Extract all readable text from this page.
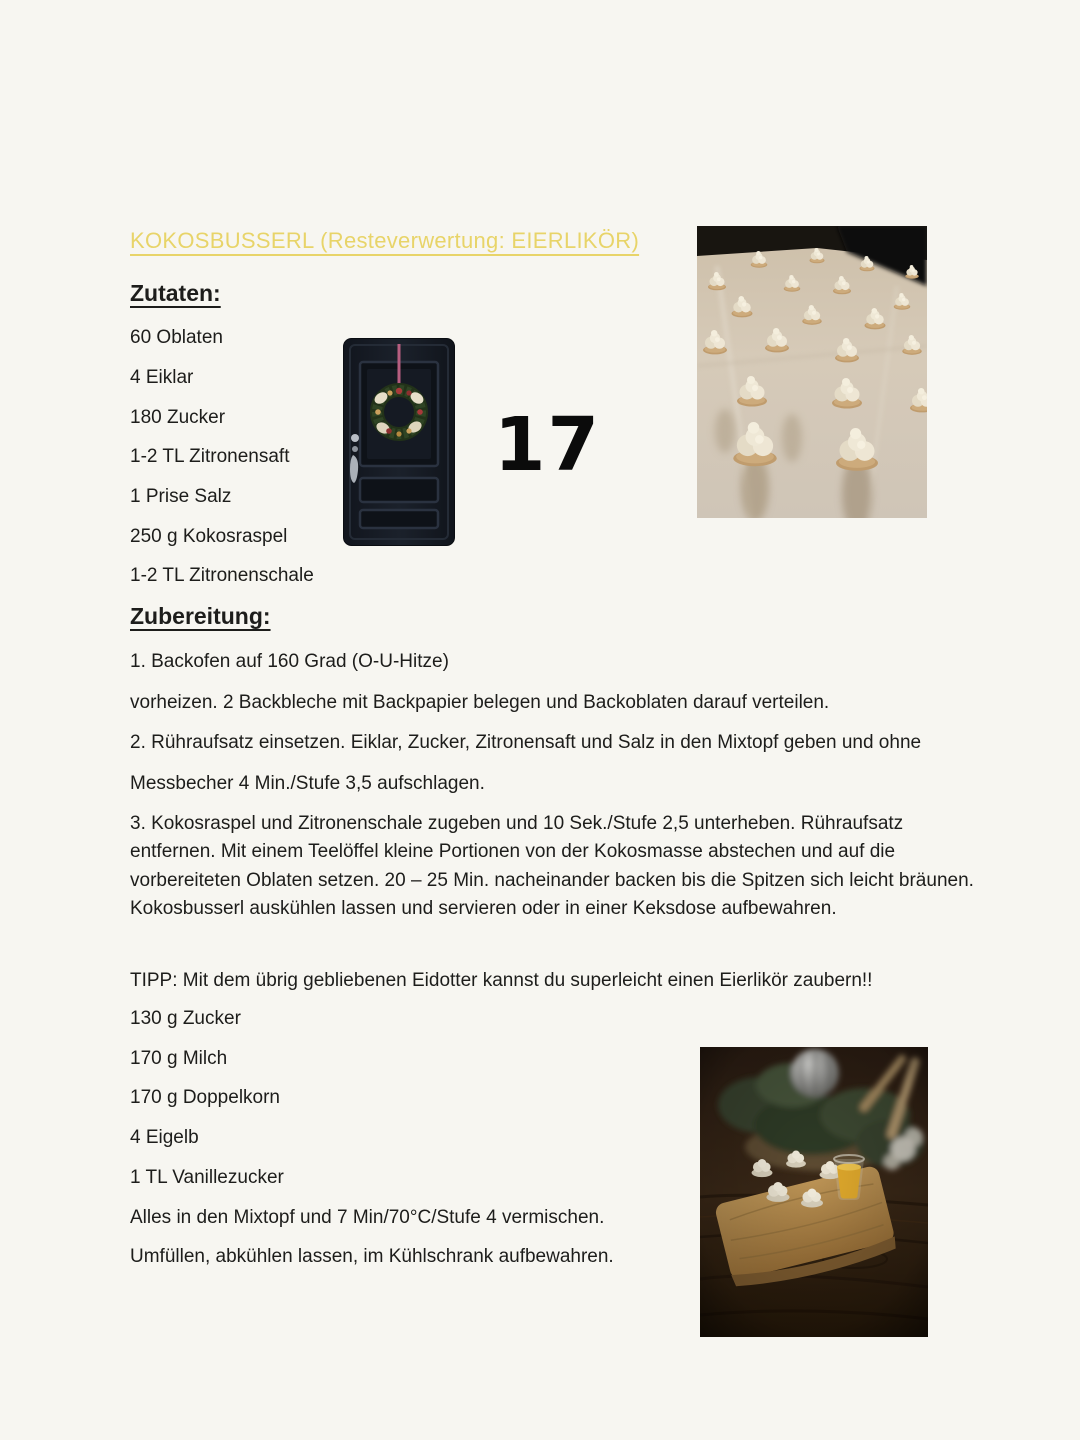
KOKOSBUSSERL (Resteverwertung: EIERLIKÖR)
Zutaten:
60 Oblaten
4 Eiklar
180 Zucker
1-2 TL Zitronensaft
1 Prise Salz
250 g Kokosraspel
1-2 TL Zitronenschale
17
Zubereitung:
1. Backofen auf 160 Grad (O-U-Hitze)
vorheizen. 2 Backbleche mit Backpapier belegen und Backoblaten darauf verteilen.
2. Rühraufsatz einsetzen. Eiklar, Zucker, Zitronensaft und Salz in den Mixtopf geben und ohne
Messbecher 4 Min./Stufe 3,5 aufschlagen.
3. Kokosraspel und Zitronenschale zugeben und 10 Sek./Stufe 2,5 unterheben. Rühraufsatz
entfernen. Mit einem Teelöffel kleine Portionen von der Kokosmasse abstechen und auf die
vorbereiteten Oblaten setzen. 20 – 25 Min. nacheinander backen bis die Spitzen sich leicht bräunen.
Kokosbusserl auskühlen lassen und servieren oder in einer Keksdose aufbewahren.
TIPP: Mit dem übrig gebliebenen Eidotter kannst du superleicht einen Eierlikör zaubern!!
130 g Zucker
170 g Milch
170 g Doppelkorn
4 Eigelb
1 TL Vanillezucker
Alles in den Mixtopf und 7 Min/70°C/Stufe 4 vermischen.
Umfüllen, abkühlen lassen, im Kühlschrank aufbewahren.
